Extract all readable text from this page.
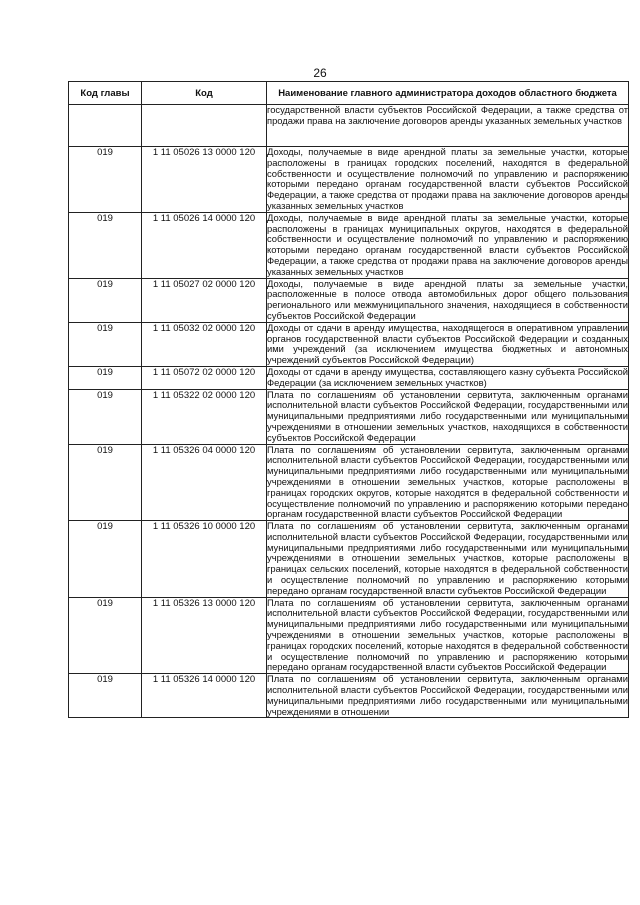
26
Код главы	Код	Наименование главного администратора доходов областного бюджета
		государственной власти субъектов Российской Федерации, а также средства от продажи права на заключение договоров аренды указанных земельных участков
019	1 11 05026 13 0000 120	Доходы, получаемые в виде арендной платы за земельные участки, которые расположены в границах городских поселений, находятся в федеральной собственности и осуществление полномочий по управлению и распоряжению которыми передано органам государственной власти субъектов Российской Федерации, а также средства от продажи права на заключение договоров аренды указанных земельных участков
019	1 11 05026 14 0000 120	Доходы, получаемые в виде арендной платы за земельные участки, которые расположены в границах муниципальных округов, находятся в федеральной собственности и осуществление полномочий по управлению и распоряжению которыми передано органам государственной власти субъектов Российской Федерации, а также средства от продажи права на заключение договоров аренды указанных земельных участков
019	1 11 05027 02 0000 120	Доходы, получаемые в виде арендной платы за земельные участки, расположенные в полосе отвода автомобильных дорог общего пользования регионального или межмуниципального значения, находящиеся в собственности субъектов Российской Федерации
019	1 11 05032 02 0000 120	Доходы от сдачи в аренду имущества, находящегося в оперативном управлении органов государственной власти субъектов Российской Федерации и созданных ими учреждений (за исключением имущества бюджетных и автономных учреждений субъектов Российской Федерации)
019	1 11 05072 02 0000 120	Доходы от сдачи в аренду имущества, составляющего казну субъекта Российской Федерации (за исключением земельных участков)
019	1 11 05322 02 0000 120	Плата по соглашениям об установлении сервитута, заключенным органами исполнительной власти субъектов Российской Федерации, государственными или муниципальными предприятиями либо государственными или муниципальными учреждениями в отношении земельных участков, находящихся в собственности субъектов Российской Федерации
019	1 11 05326 04 0000 120	Плата по соглашениям об установлении сервитута, заключенным органами исполнительной власти субъектов Российской Федерации, государственными или муниципальными предприятиями либо государственными или муниципальными учреждениями в отношении земельных участков, которые расположены в границах городских округов, которые находятся в федеральной собственности и осуществление полномочий по управлению и распоряжению которыми передано органам государственной власти субъектов Российской Федерации
019	1 11 05326 10 0000 120	Плата по соглашениям об установлении сервитута, заключенным органами исполнительной власти субъектов Российской Федерации, государственными или муниципальными предприятиями либо государственными или муниципальными учреждениями в отношении земельных участков, которые расположены в границах сельских поселений, которые находятся в федеральной собственности и осуществление полномочий по управлению и распоряжению которыми передано органам государственной власти субъектов Российской Федерации
019	1 11 05326 13 0000 120	Плата по соглашениям об установлении сервитута, заключенным органами исполнительной власти субъектов Российской Федерации, государственными или муниципальными предприятиями либо государственными или муниципальными учреждениями в отношении земельных участков, которые расположены в границах городских поселений, которые находятся в федеральной собственности и осуществление полномочий по управлению и распоряжению которыми передано органам государственной власти субъектов Российской Федерации
019	1 11 05326 14 0000 120	Плата по соглашениям об установлении сервитута, заключенным органами исполнительной власти субъектов Российской Федерации, государственными или муниципальными предприятиями либо государственными или муниципальными учреждениями в отношении
